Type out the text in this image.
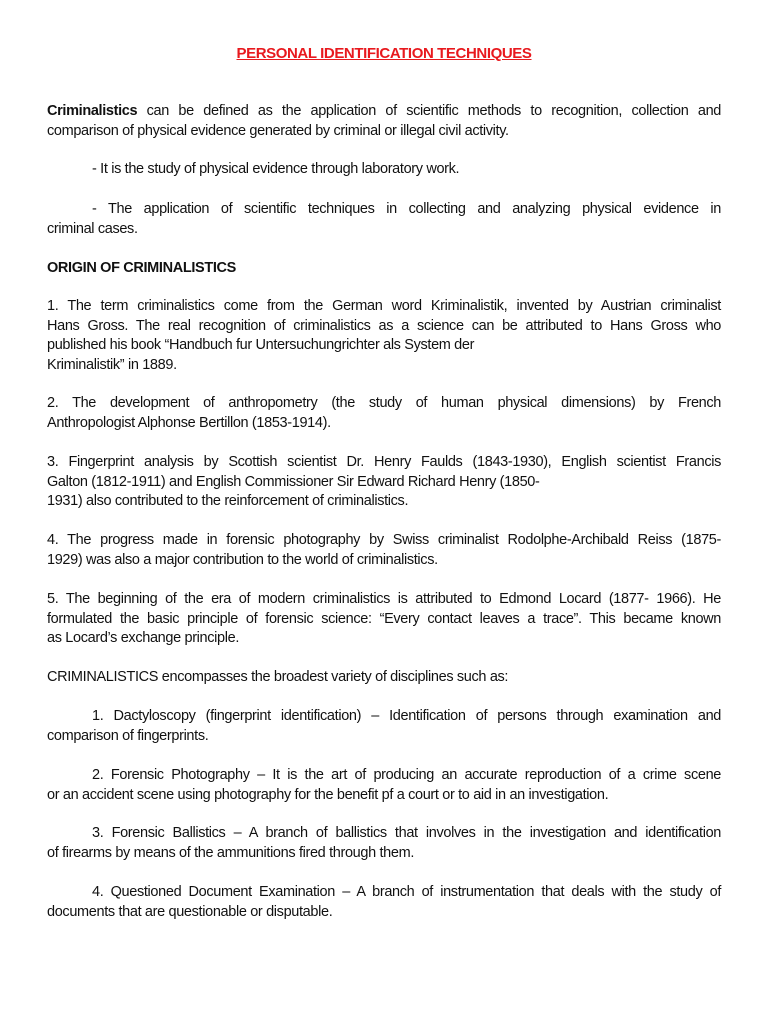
PERSONAL IDENTIFICATION TECHNIQUES
Criminalistics can be defined as the application of scientific methods to recognition, collection and
comparison of physical evidence generated by criminal or illegal civil activity.
- It is the study of physical evidence through laboratory work.
- The application of scientific techniques in collecting and analyzing physical evidence in
criminal cases.
ORIGIN OF CRIMINALISTICS
1. The term criminalistics come from the German word Kriminalistik, invented by Austrian criminalist
Hans Gross. The real recognition of criminalistics as a science can be attributed to Hans Gross who
published his book “Handbuch fur Untersuchungrichter als System der
Kriminalistik” in 1889.
2. The development of anthropometry (the study of human physical dimensions) by French
Anthropologist Alphonse Bertillon (1853-1914).
3. Fingerprint analysis by Scottish scientist Dr. Henry Faulds (1843-1930), English scientist Francis
Galton (1812-1911) and English Commissioner Sir Edward Richard Henry (1850-
1931) also contributed to the reinforcement of criminalistics.
4. The progress made in forensic photography by Swiss criminalist Rodolphe-Archibald Reiss (1875-
1929) was also a major contribution to the world of criminalistics.
5. The beginning of the era of modern criminalistics is attributed to Edmond Locard (1877- 1966). He
formulated the basic principle of forensic science: “Every contact leaves a trace”. This became known
as Locard’s exchange principle.
CRIMINALISTICS encompasses the broadest variety of disciplines such as:
1. Dactyloscopy (fingerprint identification) – Identification of persons through examination and
comparison of fingerprints.
2. Forensic Photography – It is the art of producing an accurate reproduction of a crime scene
or an accident scene using photography for the benefit pf a court or to aid in an investigation.
3. Forensic Ballistics – A branch of ballistics that involves in the investigation and identification
of firearms by means of the ammunitions fired through them.
4. Questioned Document Examination – A branch of instrumentation that deals with the study of
documents that are questionable or disputable.
